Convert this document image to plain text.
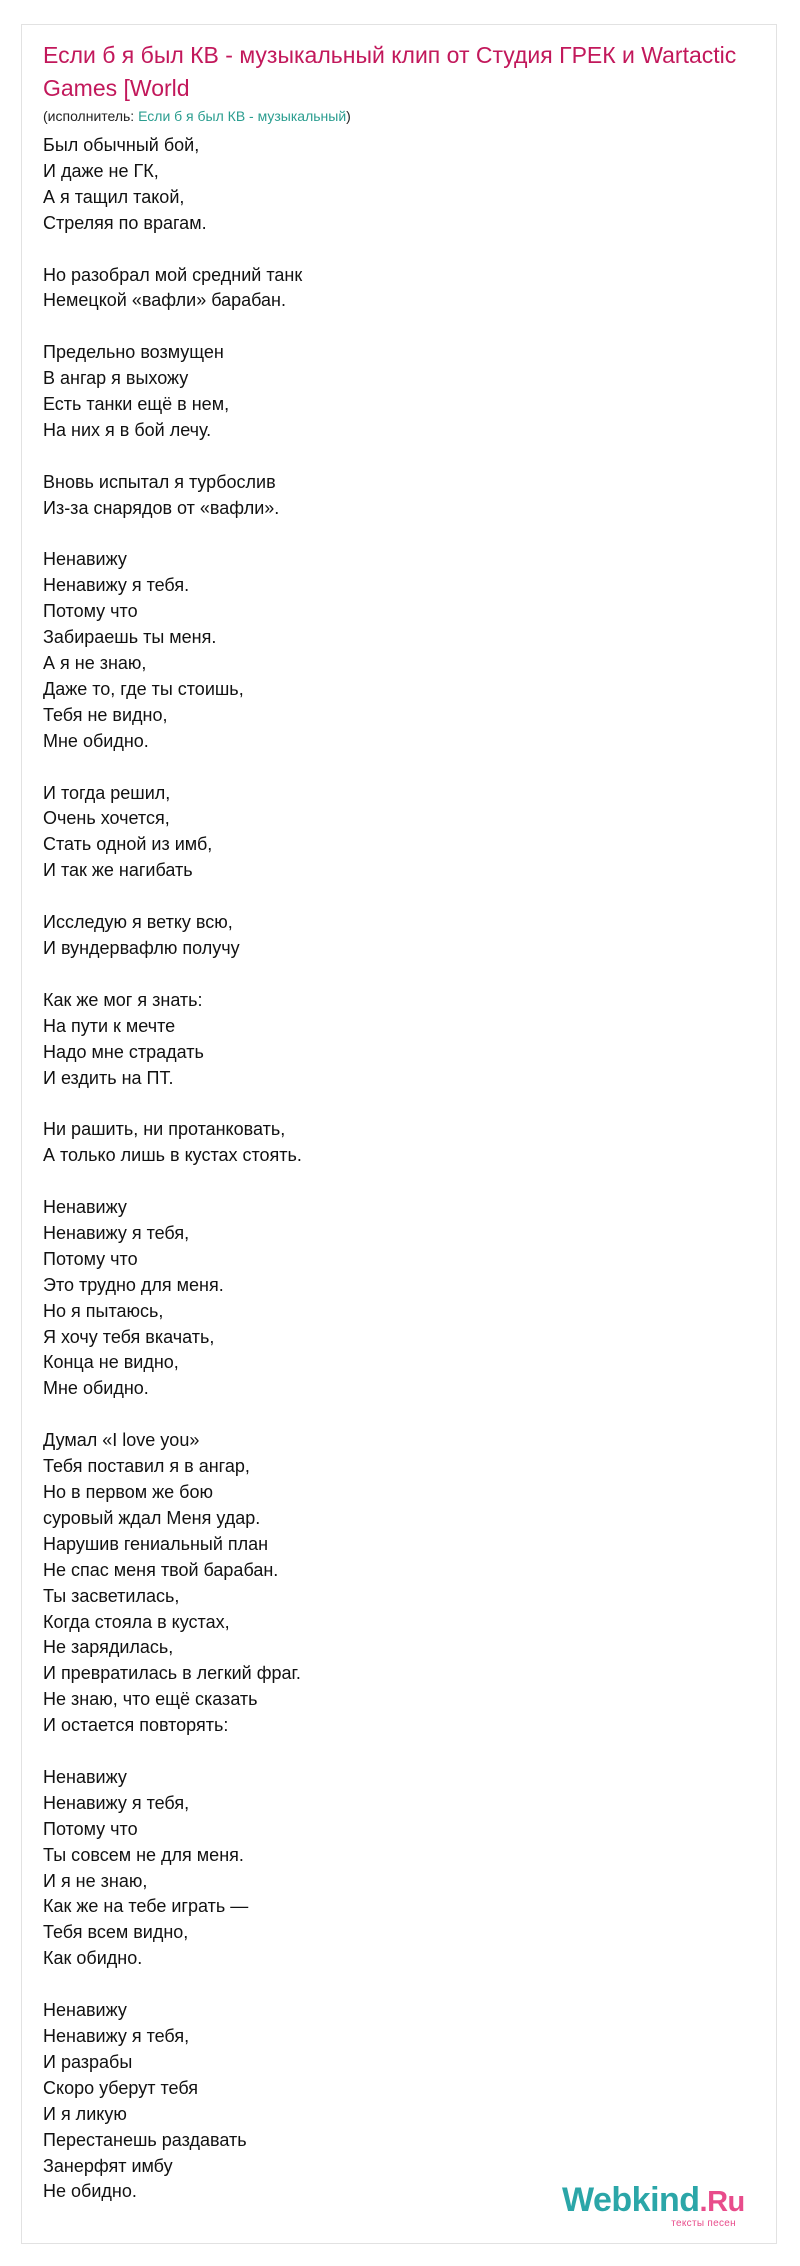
Если б я был КВ - музыкальный клип от Студия ГРЕК и Wartactic Games [World
(исполнитель: Если б я был КВ - музыкальный)
Был обычный бой,
И даже не ГК,
А я тащил такой,
Стреляя по врагам.
Но разобрал мой средний танк
Немецкой «вафли» барабан.
Предельно возмущен
В ангар я выхожу
Есть танки ещё в нем,
На них я в бой лечу.
Вновь испытал я турбослив
Из-за снарядов от «вафли».
Ненавижу
Ненавижу я тебя.
Потому что
Забираешь ты меня.
А я не знаю,
Даже то, где ты стоишь,
Тебя не видно,
Мне обидно.
И тогда решил,
Очень хочется,
Стать одной из имб,
И так же нагибать
Исследую я ветку всю,
И вундервафлю получу
Как же мог я знать:
На пути к мечте
Надо мне страдать
И ездить на ПТ.
Ни рашить, ни протанковать,
А только лишь в кустах стоять.
Ненавижу
Ненавижу я тебя,
Потому что
Это трудно для меня.
Но я пытаюсь,
Я хочу тебя вкачать,
Конца не видно,
Мне обидно.
Думал «I love you»
Тебя поставил я в ангар,
Но в первом же бою
суровый ждал Меня удар.
Нарушив гениальный план
Не спас меня твой барабан.
Ты засветилась,
Когда стояла в кустах,
Не зарядилась,
И превратилась в легкий фраг.
Не знаю, что ещё сказать
И остается повторять:
Ненавижу
Ненавижу я тебя,
Потому что
Ты совсем не для меня.
И я не знаю,
Как же на тебе играть —
Тебя всем видно,
Как обидно.
Ненавижу
Ненавижу я тебя,
И разрабы
Скоро уберут тебя
И я ликую
Перестанешь раздавать
Занерфят имбу
Не обидно.	Webkind.Ru
тексты песен
